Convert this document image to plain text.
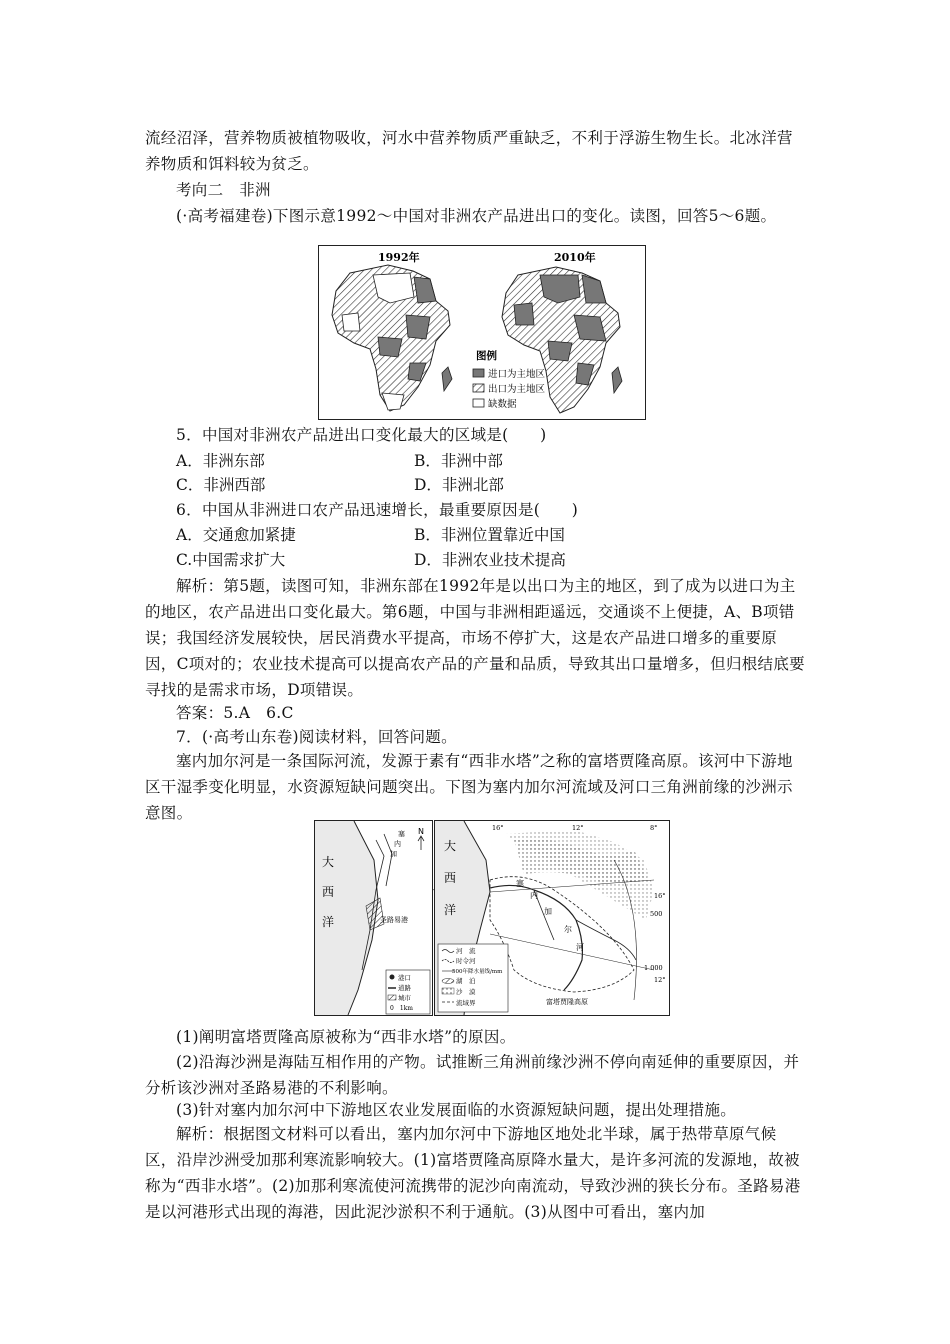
流经沼泽，营养物质被植物吸收，河水中营养物质严重缺乏，不利于浮游生物生长。北冰洋营养物质和饵料较为贫乏。

考向二　非洲

(·高考福建卷)下图示意1992～中国对非洲农产品进出口的变化。读图，回答5～6题。

1992年	2010年
图例
进口为主地区
出口为主地区
缺数据

5．中国对非洲农产品进出口变化最大的区域是(　　)

A．非洲东部	B．非洲中部
C．非洲西部	D．非洲北部

6．中国从非洲进口农产品迅速增长，最重要原因是(　　)

A．交通愈加紧捷	B．非洲位置靠近中国
C.中国需求扩大	D．非洲农业技术提高

解析：第5题，读图可知，非洲东部在1992年是以出口为主的地区，到了成为以进口为主的地区，农产品进出口变化最大。第6题，中国与非洲相距遥远，交通谈不上便捷，A、B项错误；我国经济发展较快，居民消费水平提高，市场不停扩大，这是农产品进口增多的重要原因，C项对的；农业技术提高可以提高农产品的产量和品质，导致其出口量增多，但归根结底要寻找的是需求市场，D项错误。

答案：5.A　6.C

7．(·高考山东卷)阅读材料，回答问题。

塞内加尔河是一条国际河流，发源于素有“西非水塔”之称的富塔贾隆高原。该河中下游地区干湿季变化明显，水资源短缺问题突出。下图为塞内加尔河流域及河口三角洲前缘的沙洲示意图。

大
西
洋
塞
内
加
圣路易港
N
港口
道路
城市
0　1km
大
西
洋
塞
内
加
尔
河
16°	12°	8°
16°
12°
500
1 000
河　流
时令河
500年降水量线/mm
湖　泊
沙　漠
流域界	富塔贾隆高原

(1)阐明富塔贾隆高原被称为“西非水塔”的原因。

(2)沿海沙洲是海陆互相作用的产物。试推断三角洲前缘沙洲不停向南延伸的重要原因，并分析该沙洲对圣路易港的不利影响。

(3)针对塞内加尔河中下游地区农业发展面临的水资源短缺问题，提出处理措施。

解析：根据图文材料可以看出，塞内加尔河中下游地区地处北半球，属于热带草原气候区，沿岸沙洲受加那利寒流影响较大。(1)富塔贾隆高原降水量大，是许多河流的发源地，故被称为“西非水塔”。(2)加那利寒流使河流携带的泥沙向南流动，导致沙洲的狭长分布。圣路易港是以河港形式出现的海港，因此泥沙淤积不利于通航。(3)从图中可看出，塞内加
